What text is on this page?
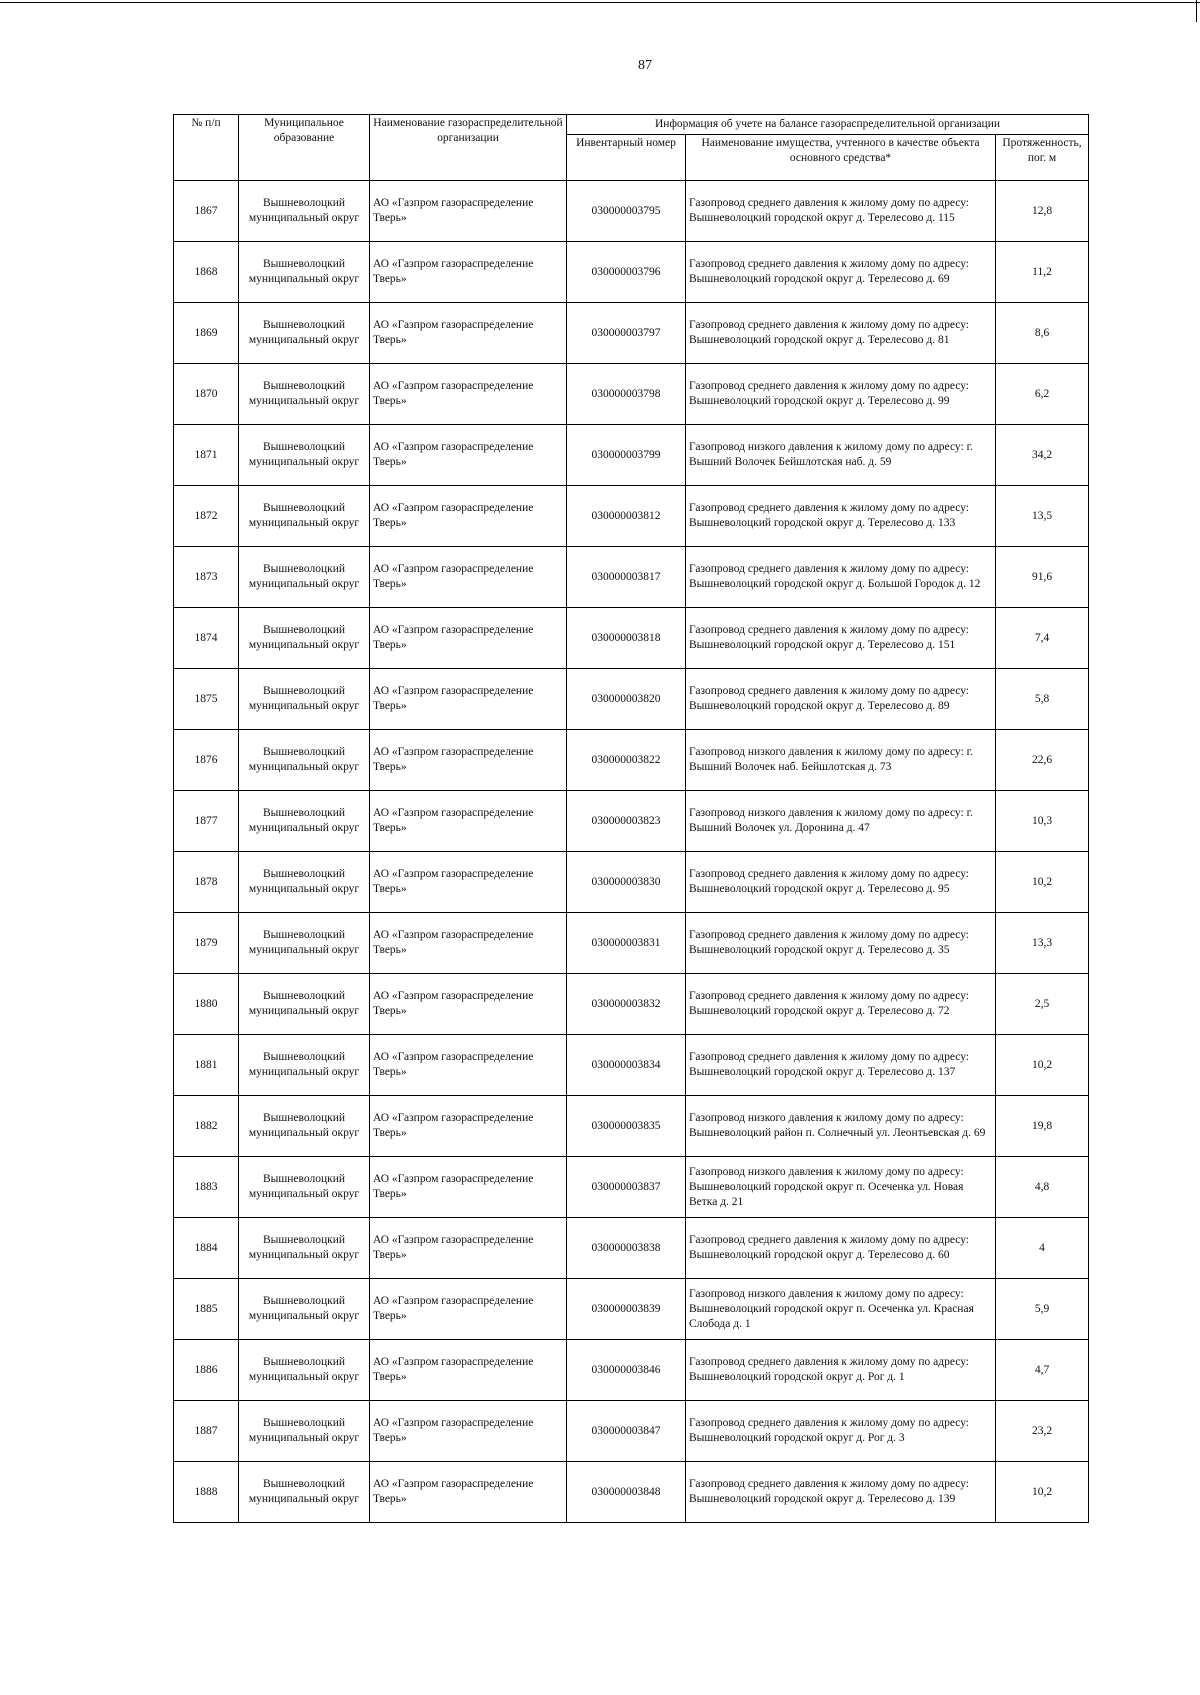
87
№ п/п	Муниципальное образование	Наименование газораспределительной организации	Информация об учете на балансе газораспределительной организации		
			Инвентарный номер	Наименование имущества, учтенного в качестве объекта основного средства*	Протяженность, пог. м
1867	Вышневолоцкий муниципальный округ	АО «Газпром газораспределение Тверь»	030000003795	Газопровод среднего давления к жилому дому по адресу: Вышневолоцкий городской округ д. Терелесово д. 115	12,8
1868	Вышневолоцкий муниципальный округ	АО «Газпром газораспределение Тверь»	030000003796	Газопровод среднего давления к жилому дому по адресу: Вышневолоцкий городской округ д. Терелесово д. 69	11,2
1869	Вышневолоцкий муниципальный округ	АО «Газпром газораспределение Тверь»	030000003797	Газопровод среднего давления к жилому дому по адресу: Вышневолоцкий городской округ д. Терелесово д. 81	8,6
1870	Вышневолоцкий муниципальный округ	АО «Газпром газораспределение Тверь»	030000003798	Газопровод среднего давления к жилому дому по адресу: Вышневолоцкий городской округ д. Терелесово д. 99	6,2
1871	Вышневолоцкий муниципальный округ	АО «Газпром газораспределение Тверь»	030000003799	Газопровод низкого давления к жилому дому по адресу: г. Вышний Волочек Бейшлотская наб. д. 59	34,2
1872	Вышневолоцкий муниципальный округ	АО «Газпром газораспределение Тверь»	030000003812	Газопровод среднего давления к жилому дому по адресу: Вышневолоцкий городской округ д. Терелесово д. 133	13,5
1873	Вышневолоцкий муниципальный округ	АО «Газпром газораспределение Тверь»	030000003817	Газопровод среднего давления к жилому дому по адресу: Вышневолоцкий городской округ д. Большой Городок д. 12	91,6
1874	Вышневолоцкий муниципальный округ	АО «Газпром газораспределение Тверь»	030000003818	Газопровод среднего давления к жилому дому по адресу: Вышневолоцкий городской округ д. Терелесово д. 151	7,4
1875	Вышневолоцкий муниципальный округ	АО «Газпром газораспределение Тверь»	030000003820	Газопровод среднего давления к жилому дому по адресу: Вышневолоцкий городской округ д. Терелесово д. 89	5,8
1876	Вышневолоцкий муниципальный округ	АО «Газпром газораспределение Тверь»	030000003822	Газопровод низкого давления к жилому дому по адресу: г. Вышний Волочек наб. Бейшлотская д. 73	22,6
1877	Вышневолоцкий муниципальный округ	АО «Газпром газораспределение Тверь»	030000003823	Газопровод низкого давления к жилому дому по адресу: г. Вышний Волочек ул. Доронина д. 47	10,3
1878	Вышневолоцкий муниципальный округ	АО «Газпром газораспределение Тверь»	030000003830	Газопровод среднего давления к жилому дому по адресу: Вышневолоцкий городской округ д. Терелесово д. 95	10,2
1879	Вышневолоцкий муниципальный округ	АО «Газпром газораспределение Тверь»	030000003831	Газопровод среднего давления к жилому дому по адресу: Вышневолоцкий городской округ д. Терелесово д. 35	13,3
1880	Вышневолоцкий муниципальный округ	АО «Газпром газораспределение Тверь»	030000003832	Газопровод среднего давления к жилому дому по адресу: Вышневолоцкий городской округ д. Терелесово д. 72	2,5
1881	Вышневолоцкий муниципальный округ	АО «Газпром газораспределение Тверь»	030000003834	Газопровод среднего давления к жилому дому по адресу: Вышневолоцкий городской округ д. Терелесово д. 137	10,2
1882	Вышневолоцкий муниципальный округ	АО «Газпром газораспределение Тверь»	030000003835	Газопровод низкого давления к жилому дому по адресу: Вышневолоцкий район п. Солнечный ул. Леонтьевская д. 69	19,8
1883	Вышневолоцкий муниципальный округ	АО «Газпром газораспределение Тверь»	030000003837	Газопровод низкого давления к жилому дому по адресу: Вышневолоцкий городской округ п. Осеченка ул. Новая Ветка д. 21	4,8
1884	Вышневолоцкий муниципальный округ	АО «Газпром газораспределение Тверь»	030000003838	Газопровод среднего давления к жилому дому по адресу: Вышневолоцкий городской округ д. Терелесово д. 60	4
1885	Вышневолоцкий муниципальный округ	АО «Газпром газораспределение Тверь»	030000003839	Газопровод низкого давления к жилому дому по адресу: Вышневолоцкий городской округ п. Осеченка ул. Красная Слобода д. 1	5,9
1886	Вышневолоцкий муниципальный округ	АО «Газпром газораспределение Тверь»	030000003846	Газопровод среднего давления к жилому дому по адресу: Вышневолоцкий городской округ д. Рог д. 1	4,7
1887	Вышневолоцкий муниципальный округ	АО «Газпром газораспределение Тверь»	030000003847	Газопровод среднего давления к жилому дому по адресу: Вышневолоцкий городской округ д. Рог д. 3	23,2
1888	Вышневолоцкий муниципальный округ	АО «Газпром газораспределение Тверь»	030000003848	Газопровод среднего давления к жилому дому по адресу: Вышневолоцкий городской округ д. Терелесово д. 139	10,2
